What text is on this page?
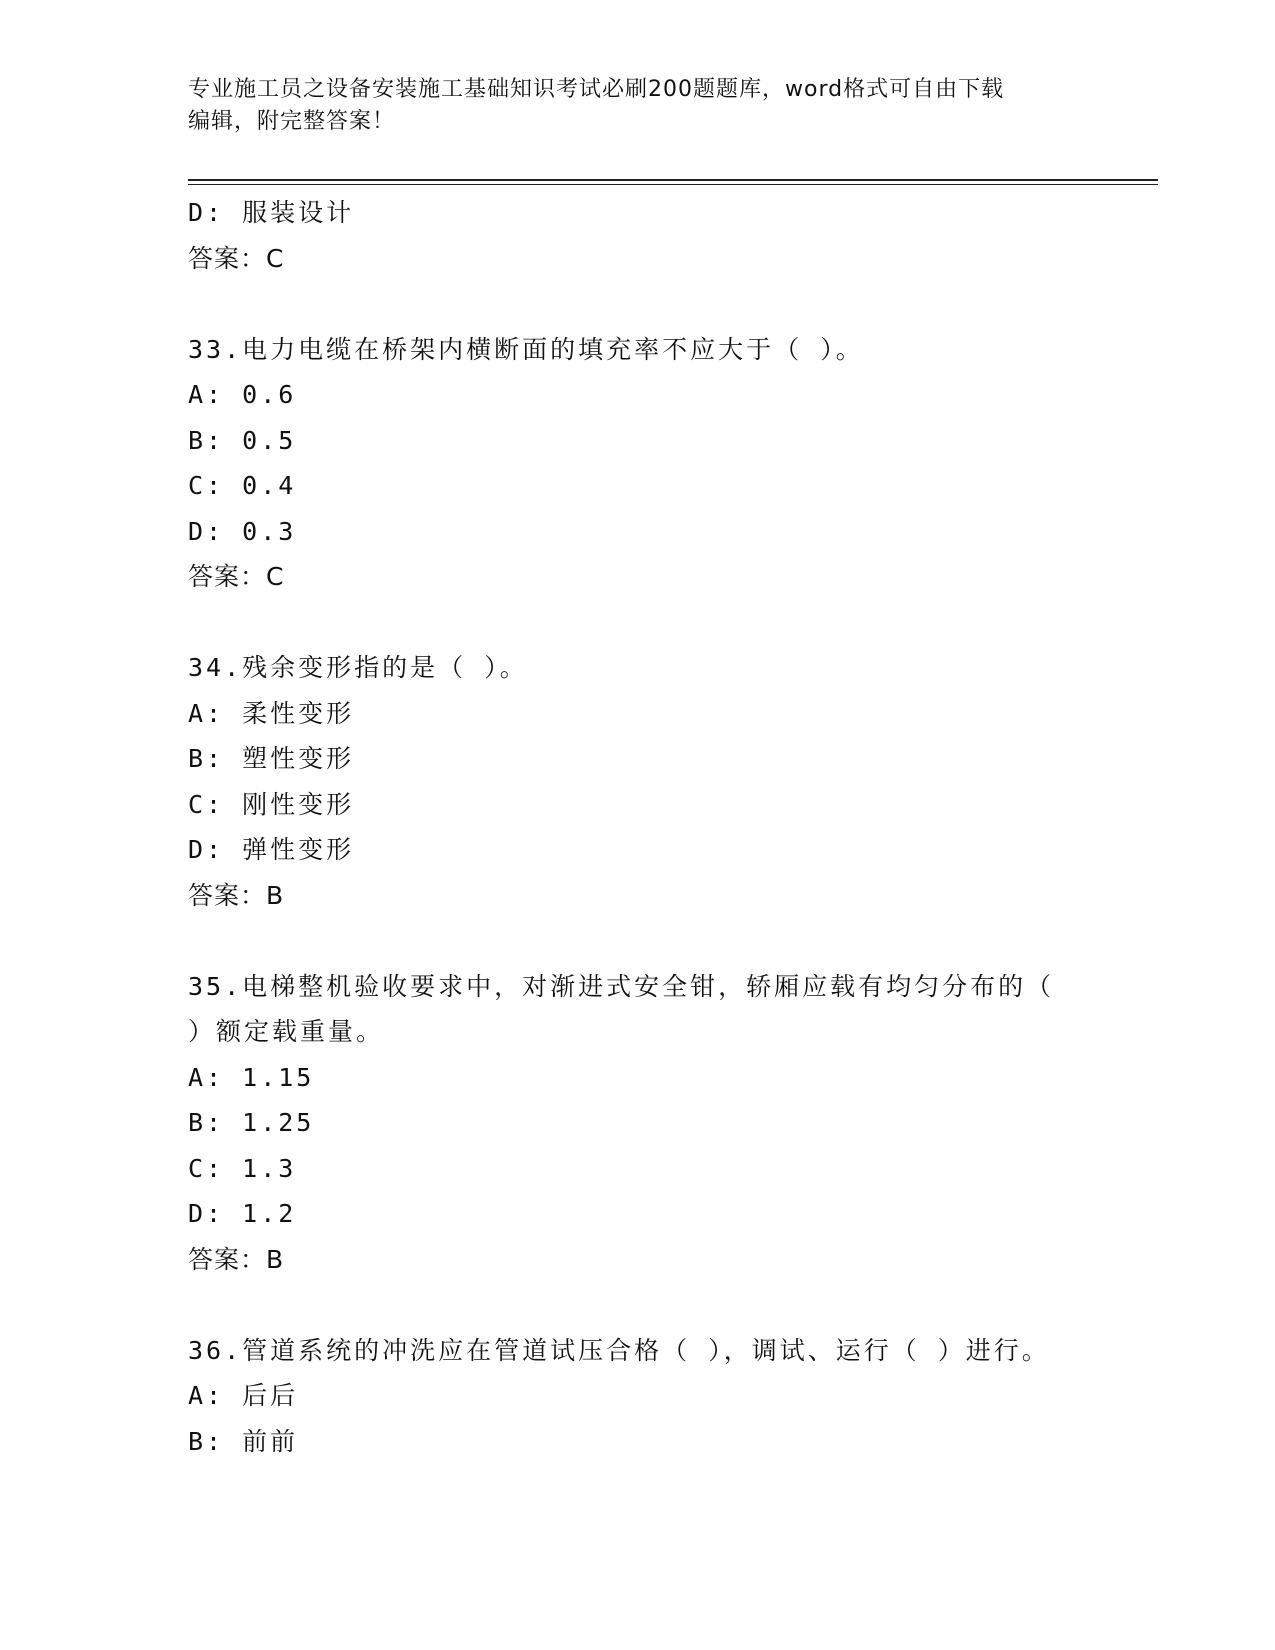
专业施工员之设备安装施工基础知识考试必刷200题题库，word格式可自由下载
编辑，附完整答案！
D: 服装设计
答案：C
33.电力电缆在桥架内横断面的填充率不应大于（ ）。
A: 0.6
B: 0.5
C: 0.4
D: 0.3
答案：C
34.残余变形指的是（ ）。
A: 柔性变形
B: 塑性变形
C: 刚性变形
D: 弹性变形
答案：B
35.电梯整机验收要求中，对渐进式安全钳，轿厢应载有均匀分布的（
）额定载重量。
A: 1.15
B: 1.25
C: 1.3
D: 1.2
答案：B
36.管道系统的冲洗应在管道试压合格（ ），调试、运行（ ）进行。
A: 后后
B: 前前
